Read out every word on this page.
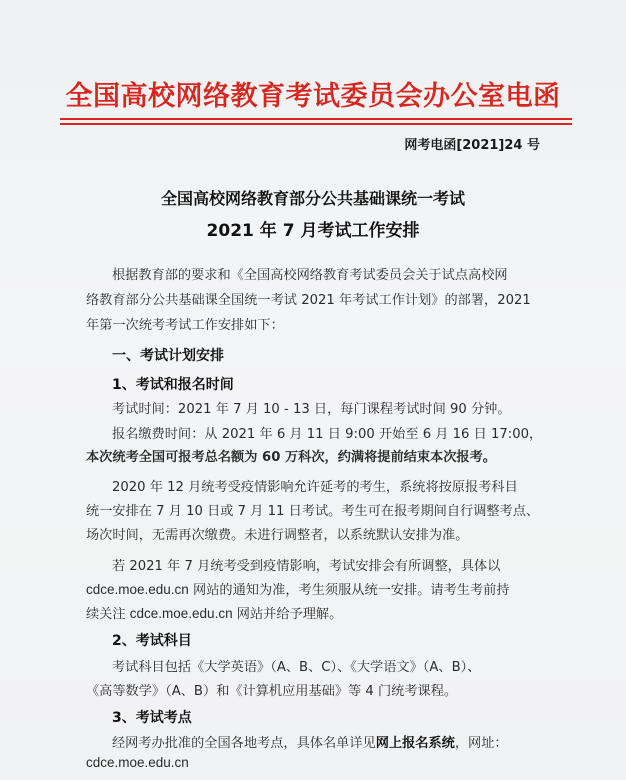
全国高校网络教育考试委员会办公室电函
网考电函[2021]24 号
全国高校网络教育部分公共基础课统一考试
2021 年 7 月考试工作安排
根据教育部的要求和《全国高校网络教育考试委员会关于试点高校网
络教育部分公共基础课全国统一考试 2021 年考试工作计划》的部署，2021
年第一次统考考试工作安排如下：
一、考试计划安排
1、考试和报名时间
考试时间：2021 年 7 月 10 - 13 日，每门课程考试时间 90 分钟。
报名缴费时间：从 2021 年 6 月 11 日 9:00 开始至 6 月 16 日 17:00，
本次统考全国可报考总名额为 60 万科次，约满将提前结束本次报考。
2020 年 12 月统考受疫情影响允许延考的考生，系统将按原报考科目
统一安排在 7 月 10 日或 7 月 11 日考试。考生可在报考期间自行调整考点、
场次时间，无需再次缴费。未进行调整者，以系统默认安排为准。
若 2021 年 7 月统考受到疫情影响，考试安排会有所调整，具体以
cdce.moe.edu.cn 网站的通知为准，考生须服从统一安排。请考生考前持
续关注 cdce.moe.edu.cn 网站并给予理解。
2、考试科目
考试科目包括《大学英语》（A、B、C）、《大学语文》（A、B）、
《高等数学》（A、B）和《计算机应用基础》等 4 门统考课程。
3、考试考点
经网考办批准的全国各地考点，具体名单详见网上报名系统，网址：
cdce.moe.edu.cn
